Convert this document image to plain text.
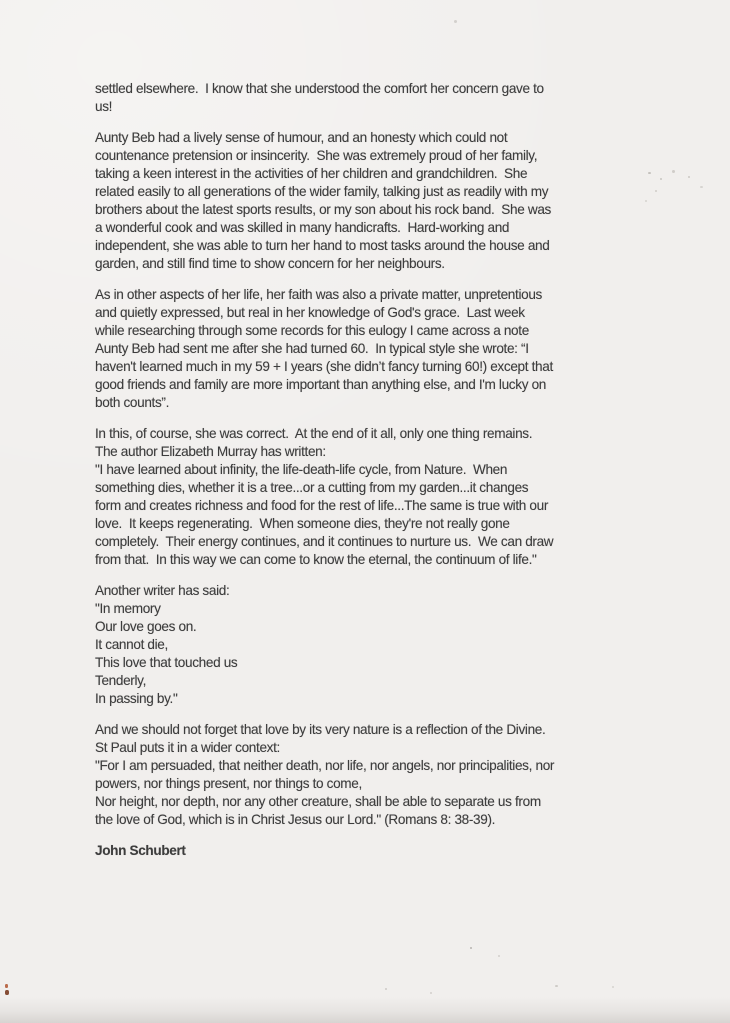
settled elsewhere.  I know that she understood the comfort her concern gave to
us!
Aunty Beb had a lively sense of humour, and an honesty which could not
countenance pretension or insincerity.  She was extremely proud of her family,
taking a keen interest in the activities of her children and grandchildren.  She
related easily to all generations of the wider family, talking just as readily with my
brothers about the latest sports results, or my son about his rock band.  She was
a wonderful cook and was skilled in many handicrafts.  Hard-working and
independent, she was able to turn her hand to most tasks around the house and
garden, and still find time to show concern for her neighbours.
As in other aspects of her life, her faith was also a private matter, unpretentious
and quietly expressed, but real in her knowledge of God's grace.  Last week
while researching through some records for this eulogy I came across a note
Aunty Beb had sent me after she had turned 60.  In typical style she wrote: “I
haven't learned much in my 59 + I years (she didn’t fancy turning 60!) except that
good friends and family are more important than anything else, and I'm lucky on
both counts”.
In this, of course, she was correct.  At the end of it all, only one thing remains.
The author Elizabeth Murray has written:
"I have learned about infinity, the life-death-life cycle, from Nature.  When
something dies, whether it is a tree...or a cutting from my garden...it changes
form and creates richness and food for the rest of life...The same is true with our
love.  It keeps regenerating.  When someone dies, they're not really gone
completely.  Their energy continues, and it continues to nurture us.  We can draw
from that.  In this way we can come to know the eternal, the continuum of life."
Another writer has said:
"In memory
Our love goes on.
It cannot die,
This love that touched us
Tenderly,
In passing by."
And we should not forget that love by its very nature is a reflection of the Divine.
St Paul puts it in a wider context:
"For I am persuaded, that neither death, nor life, nor angels, nor principalities, nor
powers, nor things present, nor things to come,
Nor height, nor depth, nor any other creature, shall be able to separate us from
the love of God, which is in Christ Jesus our Lord." (Romans 8: 38-39).
John Schubert
